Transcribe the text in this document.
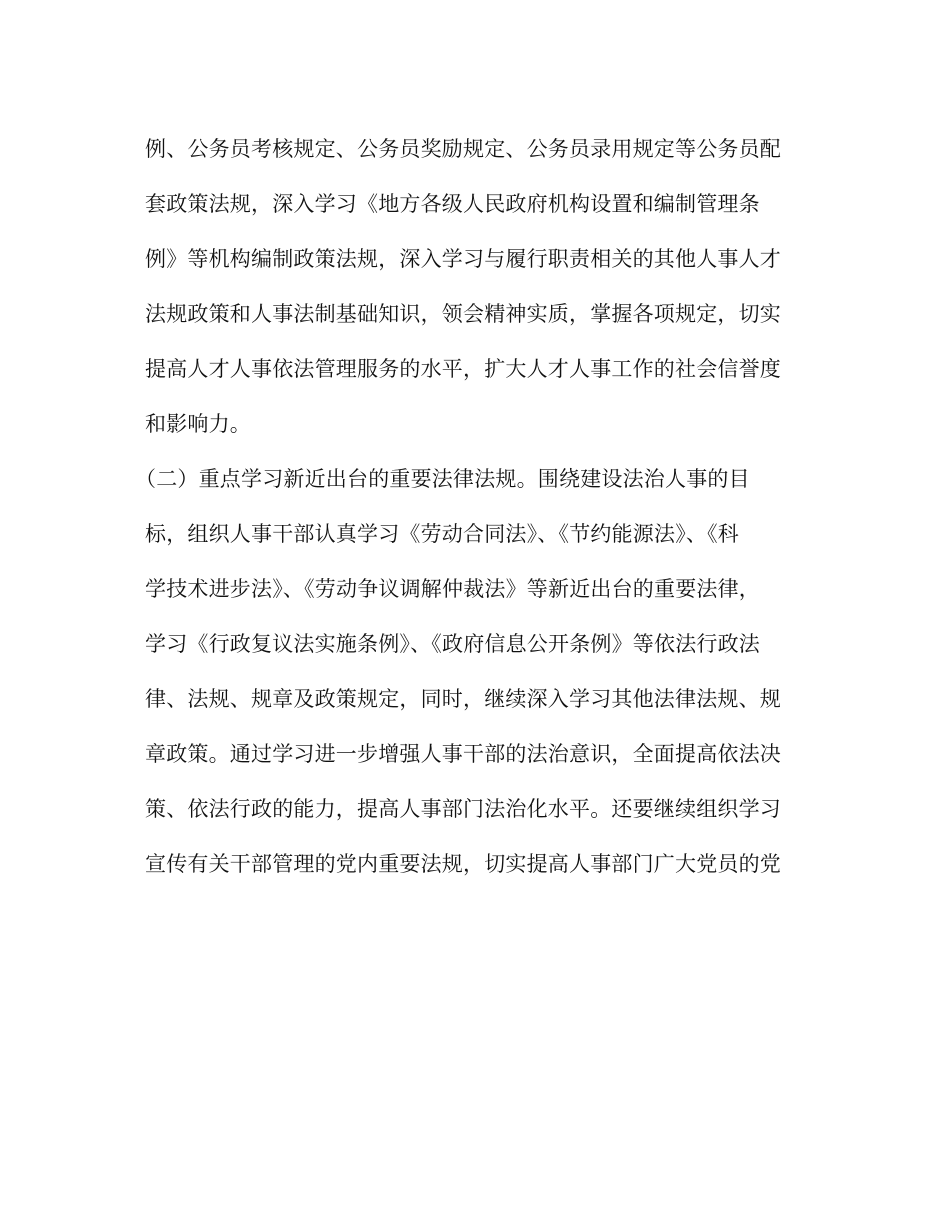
例、公务员考核规定、公务员奖励规定、公务员录用规定等公务员配
套政策法规，深入学习《地方各级人民政府机构设置和编制管理条
例》等机构编制政策法规，深入学习与履行职责相关的其他人事人才
法规政策和人事法制基础知识，领会精神实质，掌握各项规定，切实
提高人才人事依法管理服务的水平，扩大人才人事工作的社会信誉度
和影响力。
（二）重点学习新近出台的重要法律法规。围绕建设法治人事的目
标，组织人事干部认真学习《劳动合同法》、《节约能源法》、《科
学技术进步法》、《劳动争议调解仲裁法》等新近出台的重要法律，
学习《行政复议法实施条例》、《政府信息公开条例》等依法行政法
律、法规、规章及政策规定，同时，继续深入学习其他法律法规、规
章政策。通过学习进一步增强人事干部的法治意识，全面提高依法决
策、依法行政的能力，提高人事部门法治化水平。还要继续组织学习
宣传有关干部管理的党内重要法规，切实提高人事部门广大党员的党
